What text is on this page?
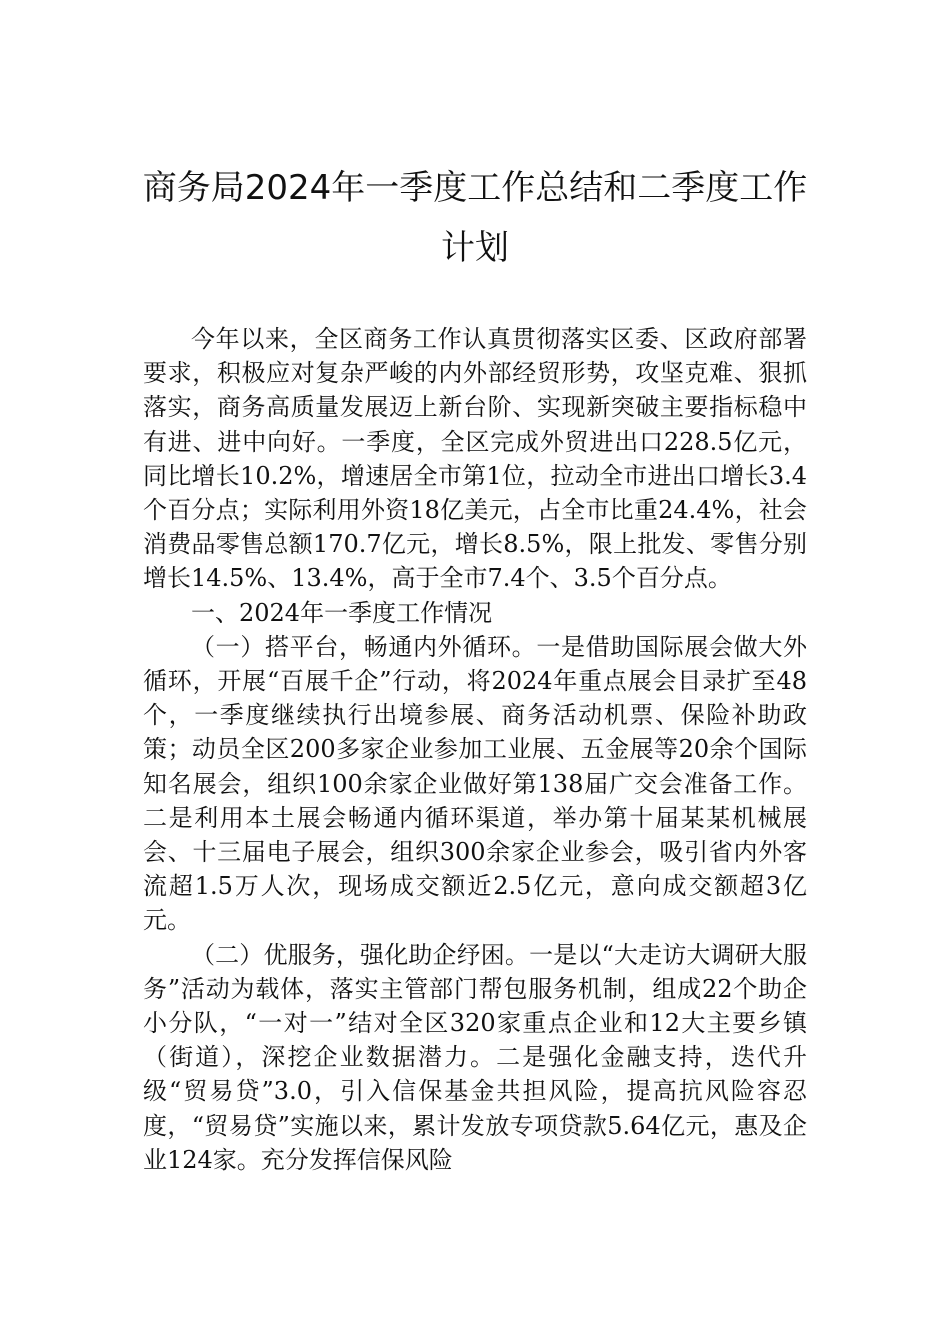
商务局2024年一季度工作总结和二季度工作计划

今年以来，全区商务工作认真贯彻落实区委、区政府部署要求，积极应对复杂严峻的内外部经贸形势，攻坚克难、狠抓落实，商务高质量发展迈上新台阶、实现新突破主要指标稳中有进、进中向好。一季度，全区完成外贸进出口228.5亿元，同比增长10.2%，增速居全市第1位，拉动全市进出口增长3.4个百分点；实际利用外资18亿美元，占全市比重24.4%，社会消费品零售总额170.7亿元，增长8.5%，限上批发、零售分别增长14.5%、13.4%，高于全市7.4个、3.5个百分点。

一、2024年一季度工作情况

（一）搭平台，畅通内外循环。一是借助国际展会做大外循环，开展“百展千企”行动，将2024年重点展会目录扩至48个，一季度继续执行出境参展、商务活动机票、保险补助政策；动员全区200多家企业参加工业展、五金展等20余个国际知名展会，组织100余家企业做好第138届广交会准备工作。二是利用本土展会畅通内循环渠道，举办第十届某某机械展会、十三届电子展会，组织300余家企业参会，吸引省内外客流超1.5万人次，现场成交额近2.5亿元，意向成交额超3亿元。

（二）优服务，强化助企纾困。一是以“大走访大调研大服务”活动为载体，落实主管部门帮包服务机制，组成22个助企小分队，“一对一”结对全区320家重点企业和12大主要乡镇（街道），深挖企业数据潜力。二是强化金融支持，迭代升级“贸易贷”3.0，引入信保基金共担风险，提高抗风险容忍度，“贸易贷”实施以来，累计发放专项贷款5.64亿元，惠及企业124家。充分发挥信保风险
